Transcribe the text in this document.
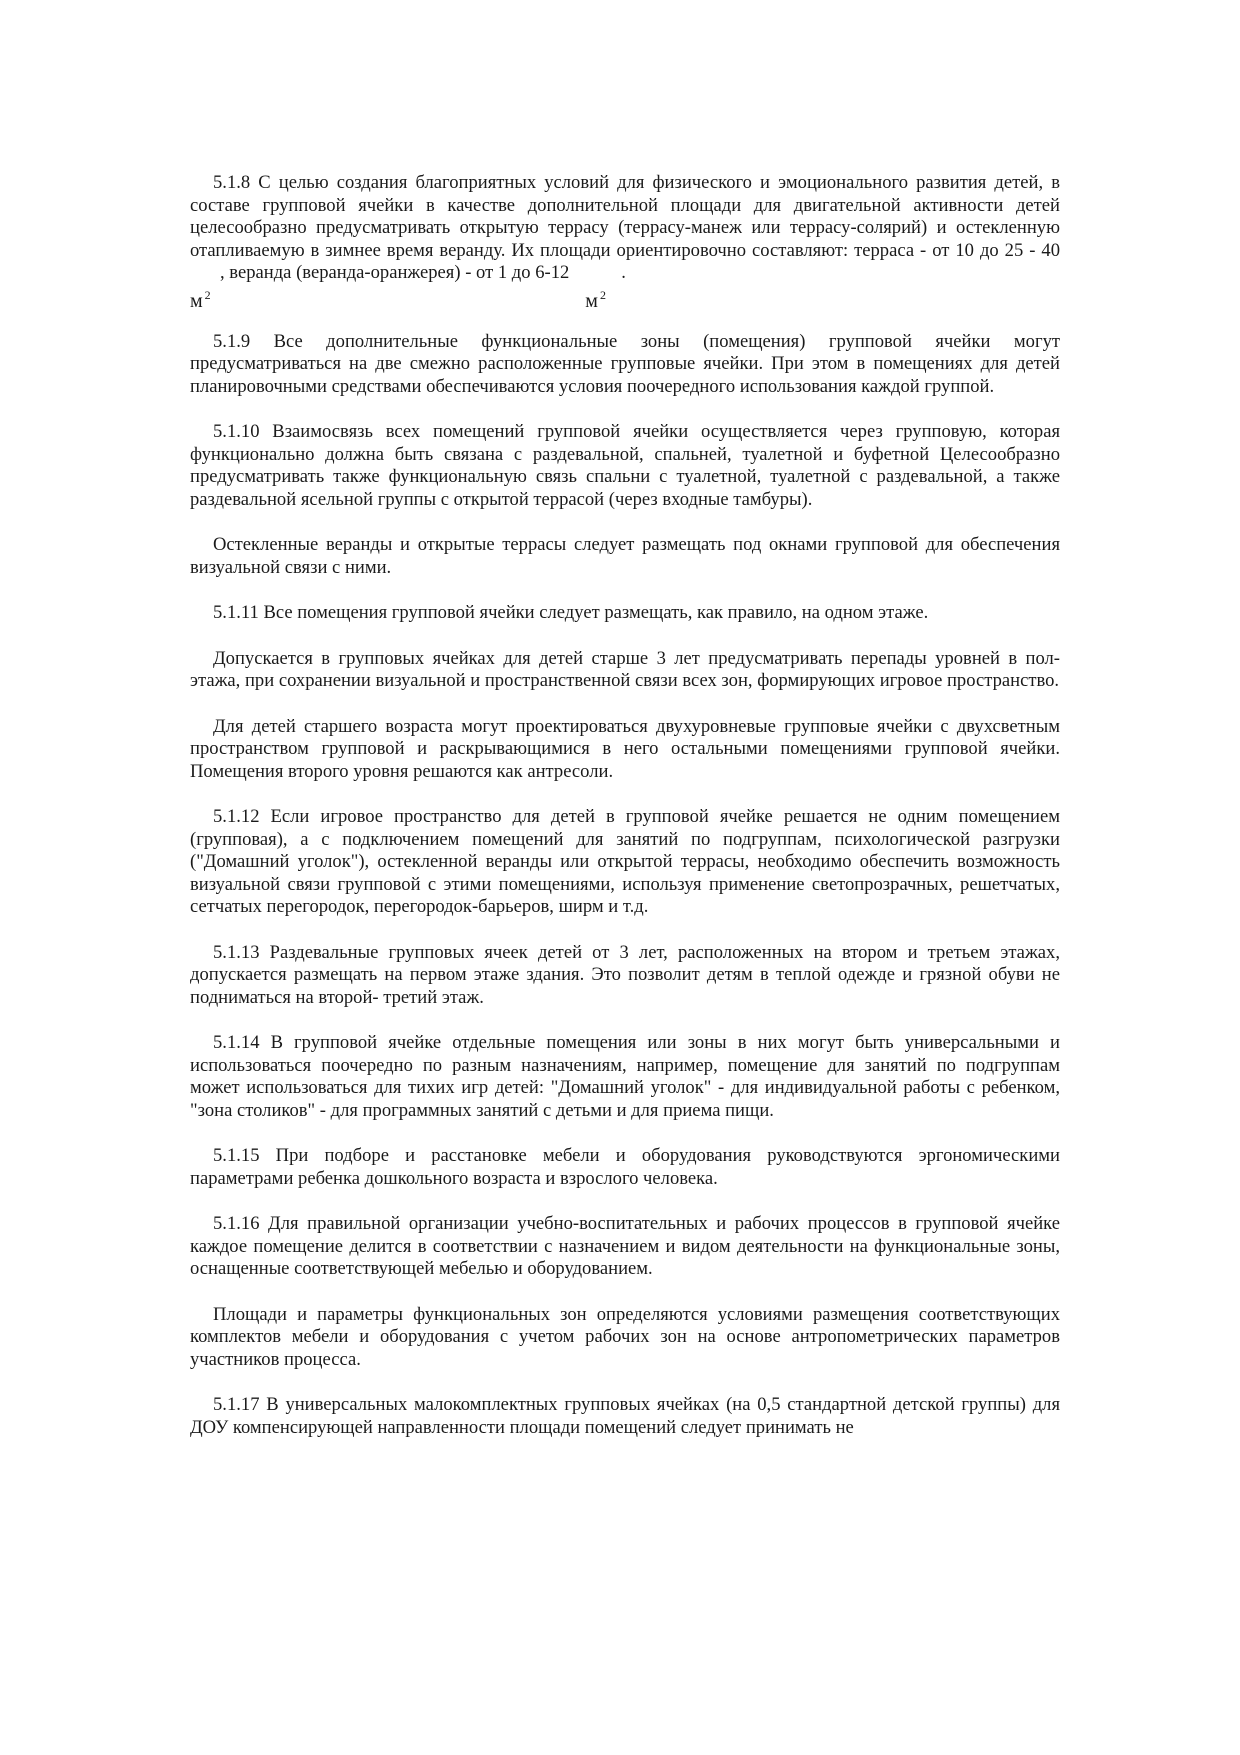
5.1.8 С целью создания благоприятных условий для физического и эмоционального развития детей, в составе групповой ячейки в качестве дополнительной площади для двигательной активности детей целесообразно предусматривать открытую террасу (террасу-манеж или террасу-солярий) и остекленную отапливаемую в зимнее время веранду. Их площади ориентировочно составляют: терраса - от 10 до 25 - 40
м $^2$
, веранда (веранда-оранжерея) - от 1 до 6-12
м $^2$
.

5.1.9 Все дополнительные функциональные зоны (помещения) групповой ячейки могут предусматриваться на две смежно расположенные групповые ячейки. При этом в помещениях для детей планировочными средствами обеспечиваются условия поочередного использования каждой группой.

5.1.10 Взаимосвязь всех помещений групповой ячейки осуществляется через групповую, которая функционально должна быть связана с раздевальной, спальней, туалетной и буфетной Целесообразно предусматривать также функциональную связь спальни с туалетной, туалетной с раздевальной, а также раздевальной ясельной группы с открытой террасой (через входные тамбуры).

Остекленные веранды и открытые террасы следует размещать под окнами групповой для обеспечения визуальной связи с ними.

5.1.11 Все помещения групповой ячейки следует размещать, как правило, на одном этаже.

Допускается в групповых ячейках для детей старше 3 лет предусматривать перепады уровней в пол-этажа, при сохранении визуальной и пространственной связи всех зон, формирующих игровое пространство.

Для детей старшего возраста могут проектироваться двухуровневые групповые ячейки с двухсветным пространством групповой и раскрывающимися в него остальными помещениями групповой ячейки. Помещения второго уровня решаются как антресоли.

5.1.12 Если игровое пространство для детей в групповой ячейке решается не одним помещением (групповая), а с подключением помещений для занятий по подгруппам, психологической разгрузки ("Домашний уголок"), остекленной веранды или открытой террасы, необходимо обеспечить возможность визуальной связи групповой с этими помещениями, используя применение светопрозрачных, решетчатых, сетчатых перегородок, перегородок-барьеров, ширм и т.д.

5.1.13 Раздевальные групповых ячеек детей от 3 лет, расположенных на втором и третьем этажах, допускается размещать на первом этаже здания. Это позволит детям в теплой одежде и грязной обуви не подниматься на второй- третий этаж.

5.1.14 В групповой ячейке отдельные помещения или зоны в них могут быть универсальными и использоваться поочередно по разным назначениям, например, помещение для занятий по подгруппам может использоваться для тихих игр детей: "Домашний уголок" - для индивидуальной работы с ребенком, "зона столиков" - для программных занятий с детьми и для приема пищи.

5.1.15 При подборе и расстановке мебели и оборудования руководствуются эргономическими параметрами ребенка дошкольного возраста и взрослого человека.

5.1.16 Для правильной организации учебно-воспитательных и рабочих процессов в групповой ячейке каждое помещение делится в соответствии с назначением и видом деятельности на функциональные зоны, оснащенные соответствующей мебелью и оборудованием.

Площади и параметры функциональных зон определяются условиями размещения соответствующих комплектов мебели и оборудования с учетом рабочих зон на основе антропометрических параметров участников процесса.

5.1.17 В универсальных малокомплектных групповых ячейках (на 0,5 стандартной детской группы) для ДОУ компенсирующей направленности площади помещений следует принимать не
